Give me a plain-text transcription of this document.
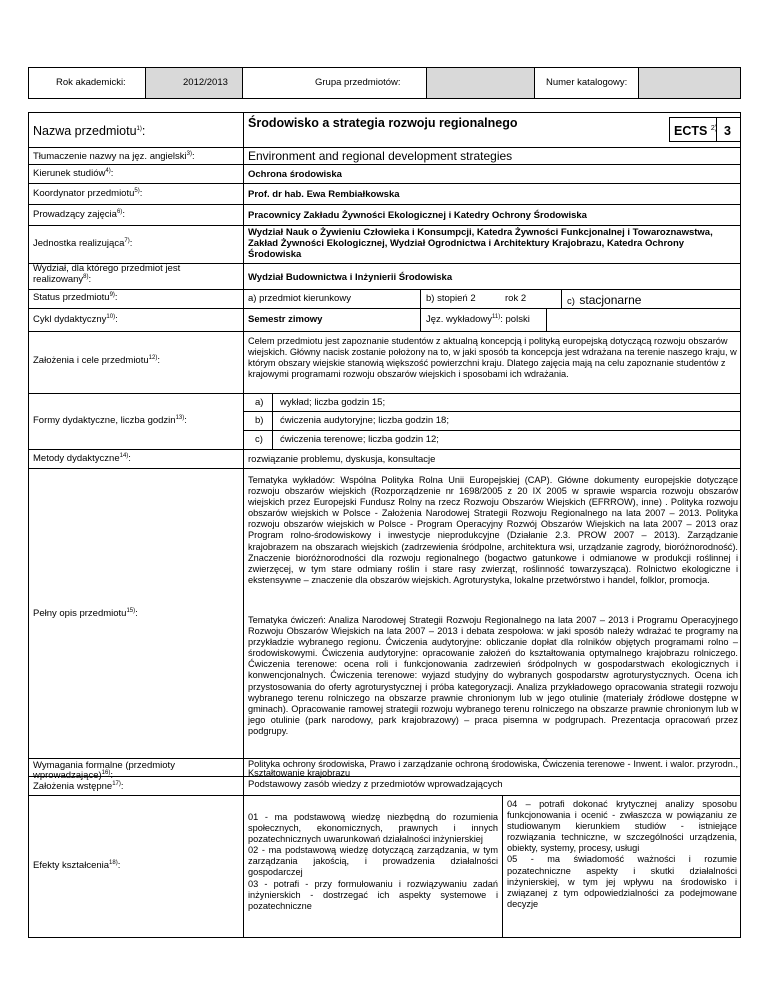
Rok akademicki:	2012/2013	Grupa przedmiotów:	Numer katalogowy:
Nazwa przedmiotu$^{1)}$:
Środowisko a strategia rozwoju regionalnego
ECTS $^{2)}$ 3
Tłumaczenie nazwy na jęz. angielski$^{3)}$:	Environment and regional development strategies
Kierunek studiów$^{4)}$:	Ochrona środowiska
Koordynator przedmiotu$^{5)}$:	Prof. dr hab. Ewa Rembiałkowska
Prowadzący zajęcia$^{6)}$:	Pracownicy Zakładu Żywności Ekologicznej i Katedry Ochrony Środowiska
Jednostka realizująca$^{7)}$:
Wydział Nauk o Żywieniu Człowieka i Konsumpcji, Katedra Żywności Funkcjonalnej i Towaroznawstwa, Zakład Żywności Ekologicznej, Wydział Ogrodnictwa i Architektury Krajobrazu, Katedra Ochrony Środowiska
Wydział, dla którego przedmiot jest
realizowany$^{8)}$:	Wydział Budownictwa i Inżynierii Środowiska
Status przedmiotu$^{9)}$:	a) przedmiot kierunkowy	b) stopień 2	rok 2	c) stacjonarne
Cykl dydaktyczny$^{10)}$:	Semestr zimowy	Jęz. wykładowy$^{11)}$: polski
Założenia i cele przedmiotu$^{12)}$:
Celem przedmiotu jest zapoznanie studentów z aktualną koncepcją i polityką europejską dotyczącą rozwoju obszarów wiejskich. Główny nacisk zostanie położony na to, w jaki sposób ta koncepcja jest wdrażana na terenie naszego kraju, w którym obszary wiejskie stanowią większość powierzchni kraju. Dlatego zajęcia mają na celu zapoznanie studentów z krajowymi programami rozwoju obszarów wiejskich i sposobami ich wdrażania.
Formy dydaktyczne, liczba godzin$^{13)}$:
a) wykład; liczba godzin 15;
b) ćwiczenia audytoryjne; liczba godzin 18;
c) ćwiczenia terenowe; liczba godzin 12;
Metody dydaktyczne$^{14)}$:	rozwiązanie problemu, dyskusja, konsultacje
Pełny opis przedmiotu$^{15)}$:
Tematyka wykładów: Wspólna Polityka Rolna Unii Europejskiej (CAP). Główne dokumenty europejskie dotyczące rozwoju obszarów wiejskich (Rozporządzenie nr 1698/2005 z 20 IX 2005 w sprawie wsparcia rozwoju obszarów wiejskich przez Europejski Fundusz Rolny na rzecz Rozwoju Obszarów Wiejskich (EFRROW), inne) . Polityka rozwoju obszarów wiejskich w Polsce - Założenia Narodowej Strategii Rozwoju Regionalnego na lata 2007 – 2013. Polityka rozwoju obszarów wiejskich w Polsce - Program Operacyjny Rozwój Obszarów Wiejskich na lata 2007 – 2013 oraz Program rolno-środowiskowy i inwestycje nieprodukcyjne (Działanie 2.3. PROW 2007 – 2013). Zarządzanie krajobrazem na obszarach wiejskich (zadrzewienia śródpolne, architektura wsi, urządzanie zagrody, bioróżnorodność). Znaczenie bioróżnorodności dla rozwoju regionalnego (bogactwo gatunkowe i odmianowe w produkcji roślinnej i zwierzęcej, w tym stare odmiany roślin i stare rasy zwierząt, roślinność towarzysząca). Rolnictwo ekologiczne i ekstensywne – znaczenie dla obszarów wiejskich. Agroturystyka, lokalne przetwórstwo i handel, folklor, promocja.
Tematyka ćwiczeń: Analiza Narodowej Strategii Rozwoju Regionalnego na lata 2007 – 2013 i Programu Operacyjnego Rozwoju Obszarów Wiejskich na lata 2007 – 2013 i debata zespołowa: w jaki sposób należy wdrażać te programy na przykładzie wybranego regionu. Ćwiczenia audytoryjne: obliczanie dopłat dla rolników objętych programami rolno – środowiskowymi. Ćwiczenia audytoryjne: opracowanie założeń do kształtowania optymalnego krajobrazu rolniczego. Ćwiczenia terenowe: ocena roli i funkcjonowania zadrzewień śródpolnych w gospodarstwach ekologicznych i konwencjonalnych. Ćwiczenia terenowe: wyjazd studyjny do wybranych gospodarstw agroturystycznych. Ocena ich przystosowania do oferty agroturystycznej i próba kategoryzacji. Analiza przykładowego opracowania strategii rozwoju wybranego terenu rolniczego na obszarze prawnie chronionym lub w jego otulinie (materiały źródłowe dostępne w gminach). Opracowanie ramowej strategii rozwoju wybranego terenu rolniczego na obszarze prawnie chronionym lub w jego otulinie (park narodowy, park krajobrazowy) – praca pisemna w podgrupach. Prezentacja opracowań przez podgrupy.
Wymagania formalne (przedmioty
wprowadzające)$^{16)}$:
Polityka ochrony środowiska, Prawo i zarządzanie ochroną środowiska, Ćwiczenia terenowe - Inwent. i walor. przyrodn., Kształtowanie krajobrazu
Założenia wstępne$^{17)}$:	Podstawowy zasób wiedzy z przedmiotów wprowadzających
Efekty kształcenia$^{18)}$:
01 - ma podstawową wiedzę niezbędną do rozumienia społecznych, ekonomicznych, prawnych i innych pozatechnicznych uwarunkowań działalności inżynierskiej
02 - ma podstawową wiedzę dotyczącą zarządzania, w tym zarządzania jakością, i prowadzenia działalności gospodarczej
03 - potrafi - przy formułowaniu i rozwiązywaniu zadań inżynierskich - dostrzegać ich aspekty systemowe i pozatechniczne
04 – potrafi dokonać krytycznej analizy sposobu funkcjonowania i ocenić - zwłaszcza w powiązaniu ze studiowanym kierunkiem studiów - istniejące rozwiązania techniczne, w szczególności urządzenia, obiekty, systemy, procesy, usługi
05 - ma świadomość ważności i rozumie pozatechniczne aspekty i skutki działalności inżynierskiej, w tym jej wpływu na środowisko i związanej z tym odpowiedzialności za podejmowane decyzje
